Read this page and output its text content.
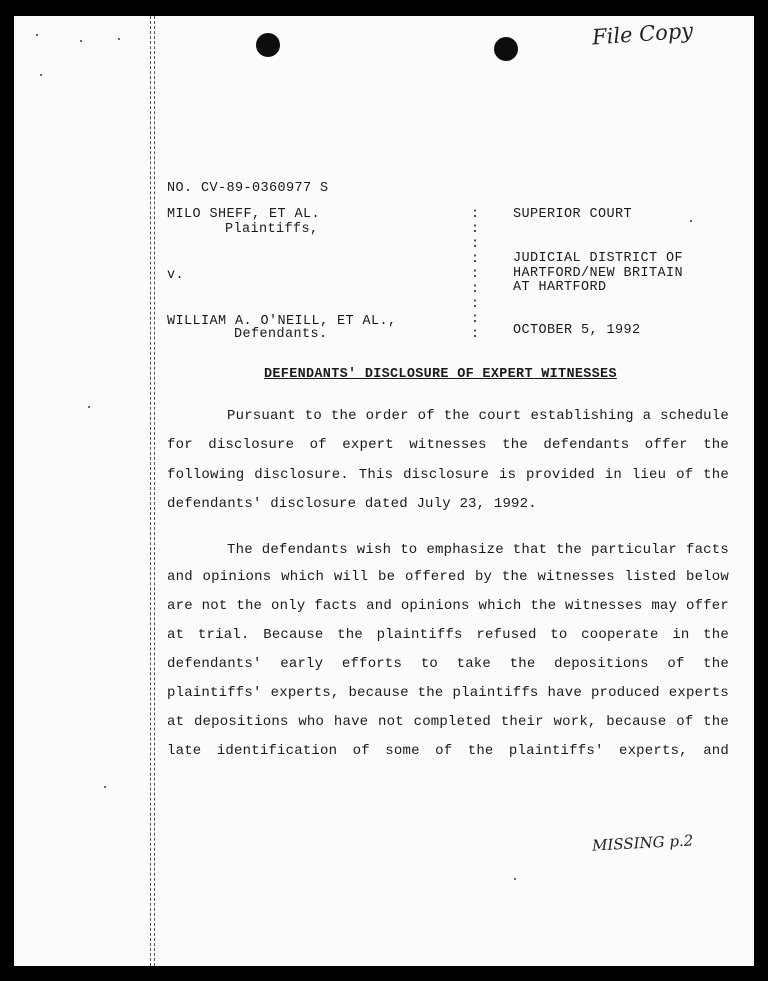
File Copy
MISSING p.2
NO. CV-89-0360977 S
MILO SHEFF, ET AL.
Plaintiffs,
v.
WILLIAM A. O'NEILL, ET AL.,
Defendants.
:
:
:
:
:
:
:
:
:
SUPERIOR COURT
JUDICIAL DISTRICT OF
HARTFORD/NEW BRITAIN
AT HARTFORD
OCTOBER 5, 1992
DEFENDANTS' DISCLOSURE OF EXPERT WITNESSES
Pursuant to the order of the court establishing a schedule
for disclosure of expert witnesses the defendants offer the
following disclosure. This disclosure is provided in lieu of the
defendants' disclosure dated July 23, 1992.
The defendants wish to emphasize that the particular facts
and opinions which will be offered by the witnesses listed below
are not the only facts and opinions which the witnesses may offer
at trial. Because the plaintiffs refused to cooperate in the
defendants' early efforts to take the depositions of the
plaintiffs' experts, because the plaintiffs have produced experts
at depositions who have not completed their work, because of the
late identification of some of the plaintiffs' experts, and
